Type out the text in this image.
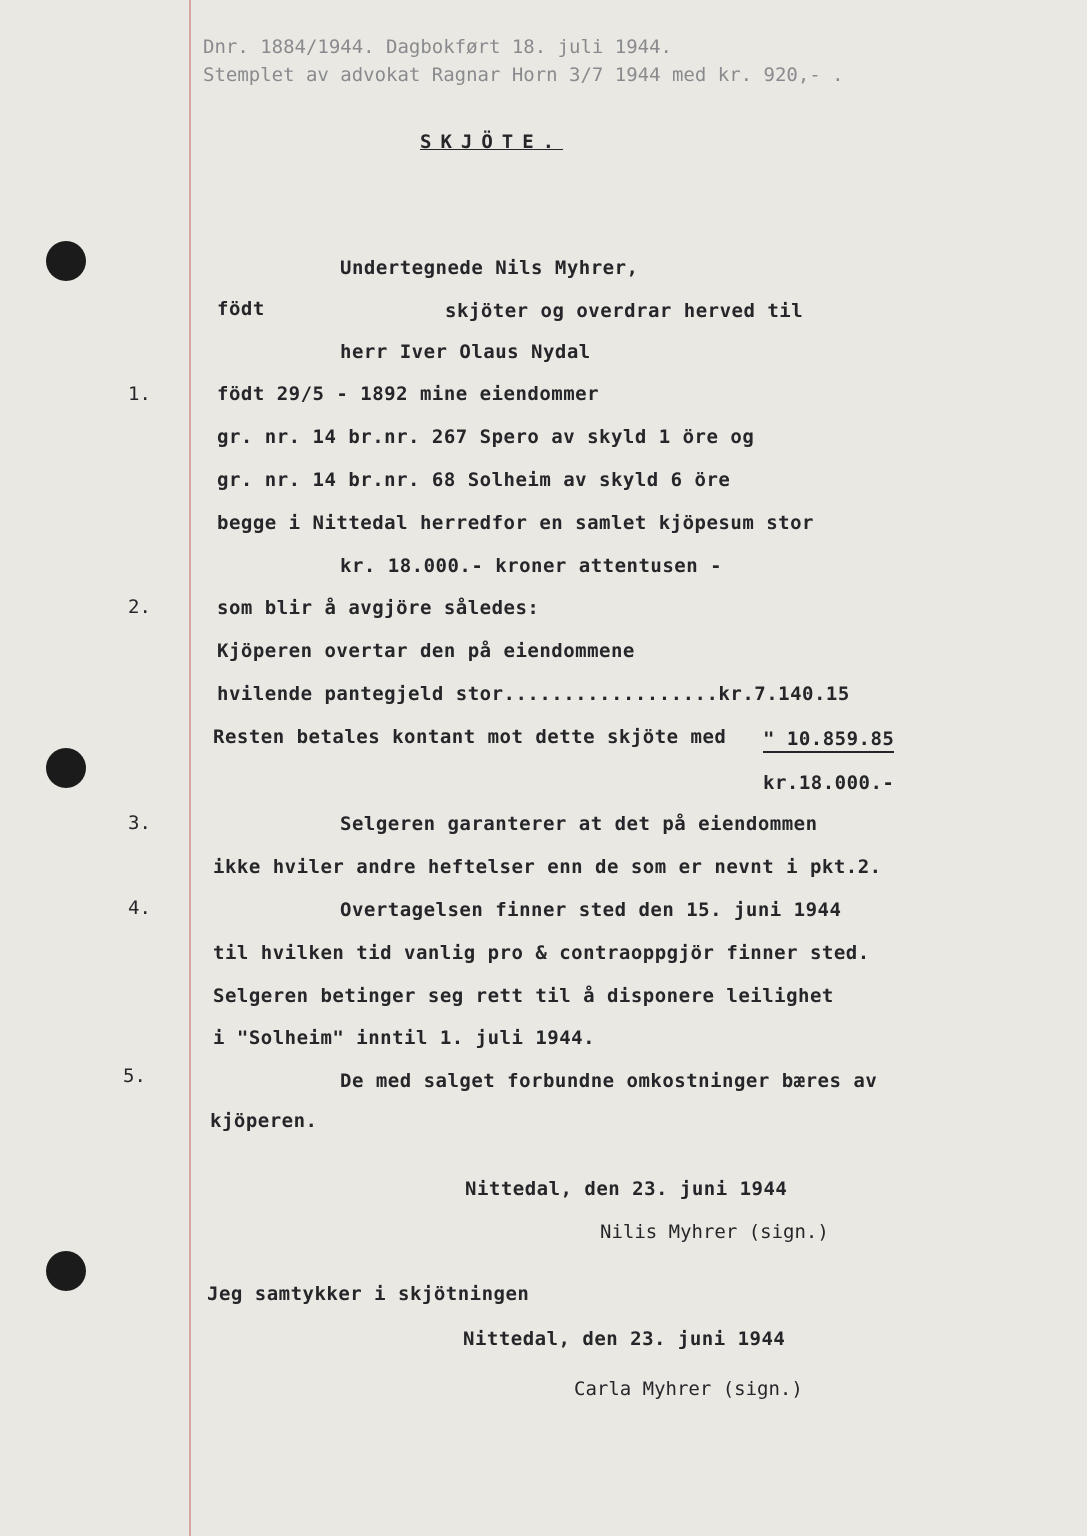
Dnr. 1884/1944. Dagbokført 18. juli 1944.
Stemplet av advokat Ragnar Horn 3/7 1944 med kr. 920,- .
SKJÖTE.
Undertegnede Nils Myhrer,
födt	skjöter og overdrar herved til
herr Iver Olaus Nydal
1.	födt 29/5 - 1892 mine eiendommer
gr. nr. 14 br.nr. 267 Spero av skyld 1 öre og
gr. nr. 14 br.nr. 68 Solheim av skyld 6 öre
begge i Nittedal herredfor en samlet kjöpesum stor
kr. 18.000.- kroner attentusen -
2.	som blir å avgjöre således:
Kjöperen overtar den på eiendommene
hvilende pantegjeld stor..................kr.7.140.15
Resten betales kontant mot dette skjöte med " 10.859.85
kr.18.000.-
3.	Selgeren garanterer at det på eiendommen
ikke hviler andre heftelser enn de som er nevnt i pkt.2.
4.	Overtagelsen finner sted den 15. juni 1944
til hvilken tid vanlig pro & contraoppgjör finner sted.
Selgeren betinger seg rett til å disponere leilighet
i "Solheim" inntil 1. juli 1944.
5.	De med salget forbundne omkostninger bæres av
kjöperen.
Nittedal, den 23. juni 1944
Nilis Myhrer (sign.)
Jeg samtykker i skjötningen
Nittedal, den 23. juni 1944
Carla Myhrer (sign.)
